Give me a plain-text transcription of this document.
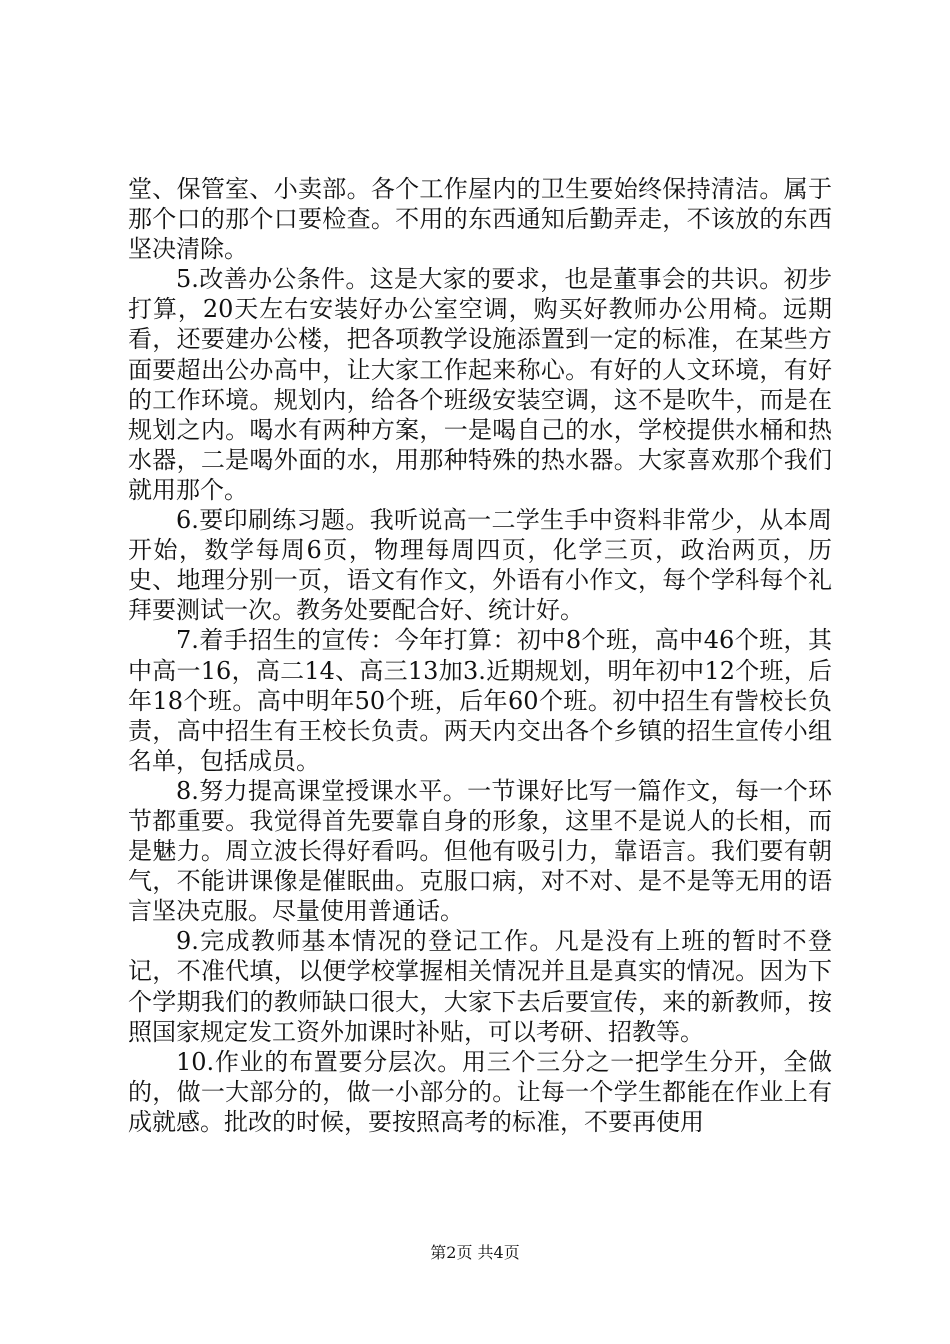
堂、保管室、小卖部。各个工作屋内的卫生要始终保持清洁。属于那个口的那个口要检查。不用的东西通知后勤弄走，不该放的东西坚决清除。

5.改善办公条件。这是大家的要求，也是董事会的共识。初步打算，20天左右安装好办公室空调，购买好教师办公用椅。远期看，还要建办公楼，把各项教学设施添置到一定的标准，在某些方面要超出公办高中，让大家工作起来称心。有好的人文环境，有好的工作环境。规划内，给各个班级安装空调，这不是吹牛，而是在规划之内。喝水有两种方案，一是喝自己的水，学校提供水桶和热水器，二是喝外面的水，用那种特殊的热水器。大家喜欢那个我们就用那个。

6.要印刷练习题。我听说高一二学生手中资料非常少，从本周开始，数学每周6页，物理每周四页，化学三页，政治两页，历史、地理分别一页，语文有作文，外语有小作文，每个学科每个礼拜要测试一次。教务处要配合好、统计好。

7.着手招生的宣传：今年打算：初中8个班，高中46个班，其中高一16，高二14、高三13加3.近期规划，明年初中12个班，后年18个班。高中明年50个班，后年60个班。初中招生有訾校长负责，高中招生有王校长负责。两天内交出各个乡镇的招生宣传小组名单，包括成员。

8.努力提高课堂授课水平。一节课好比写一篇作文，每一个环节都重要。我觉得首先要靠自身的形象，这里不是说人的长相，而是魅力。周立波长得好看吗。但他有吸引力，靠语言。我们要有朝气，不能讲课像是催眠曲。克服口病，对不对、是不是等无用的语言坚决克服。尽量使用普通话。

9.完成教师基本情况的登记工作。凡是没有上班的暂时不登记，不准代填，以便学校掌握相关情况并且是真实的情况。因为下个学期我们的教师缺口很大，大家下去后要宣传，来的新教师，按照国家规定发工资外加课时补贴，可以考研、招教等。

10.作业的布置要分层次。用三个三分之一把学生分开，全做的，做一大部分的，做一小部分的。让每一个学生都能在作业上有成就感。批改的时候，要按照高考的标准，不要再使用

第2页 共4页
